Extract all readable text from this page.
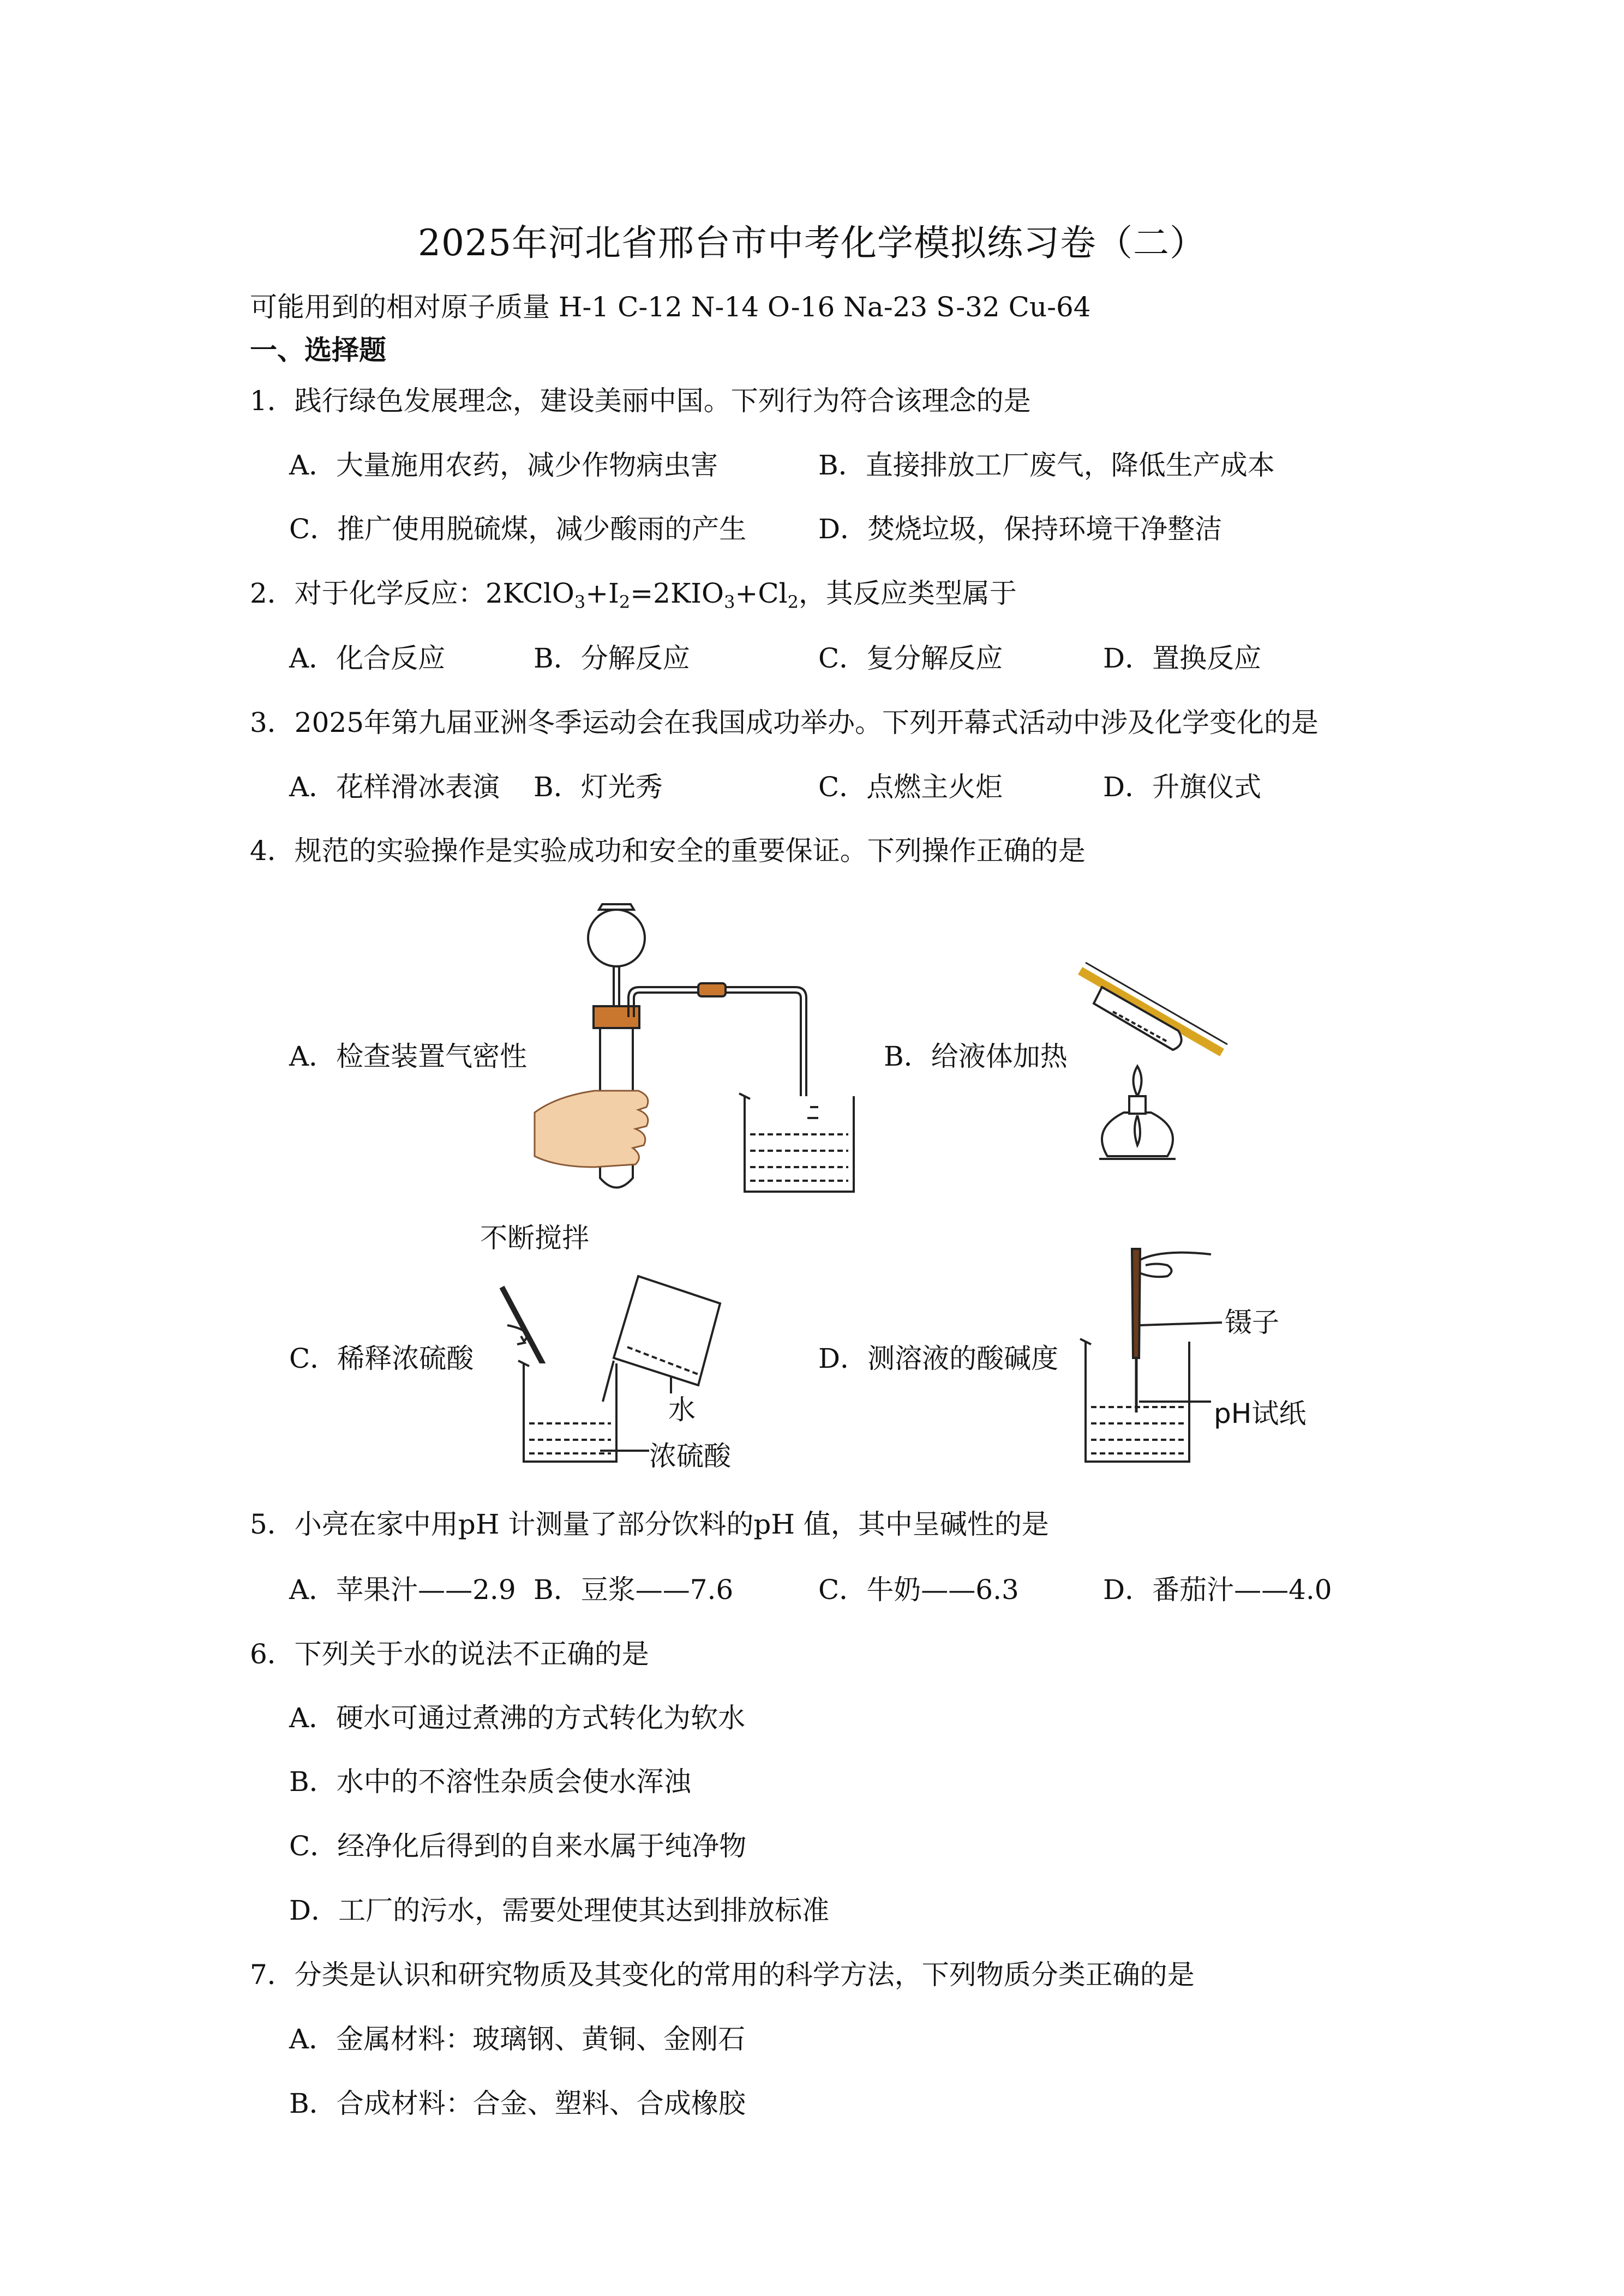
2025年河北省邢台市中考化学模拟练习卷（二）
可能用到的相对原子质量 H-1 C-12 N-14 O-16 Na-23 S-32 Cu-64
一、选择题
1．践行绿色发展理念，建设美丽中国。下列行为符合该理念的是
A．大量施用农药，减少作物病虫害	B．直接排放工厂废气，降低生产成本
C．推广使用脱硫煤，减少酸雨的产生	D．焚烧垃圾，保持环境干净整洁
2．对于化学反应：$2KClO_3+I_2=2KIO_3+Cl_2$，其反应类型属于
A．化合反应	B．分解反应	C．复分解反应	D．置换反应
3．2025年第九届亚洲冬季运动会在我国成功举办。下列开幕式活动中涉及化学变化的是
A．花样滑冰表演 B．灯光秀	C．点燃主火炬	D．升旗仪式
4．规范的实验操作是实验成功和安全的重要保证。下列操作正确的是
A．检查装置气密性	B．给液体加热
C．稀释浓硫酸	D．测溶液的酸碱度
不断搅拌
水
浓硫酸
镊子
pH试纸
5．小亮在家中用pH 计测量了部分饮料的pH 值，其中呈碱性的是
A．苹果汁——2.9 B．豆浆——7.6	C．牛奶——6.3	D．番茄汁——4.0
6．下列关于水的说法不正确的是
A．硬水可通过煮沸的方式转化为软水
B．水中的不溶性杂质会使水浑浊
C．经净化后得到的自来水属于纯净物
D．工厂的污水，需要处理使其达到排放标准
7．分类是认识和研究物质及其变化的常用的科学方法，下列物质分类正确的是
A．金属材料：玻璃钢、黄铜、金刚石
B．合成材料：合金、塑料、合成橡胶
